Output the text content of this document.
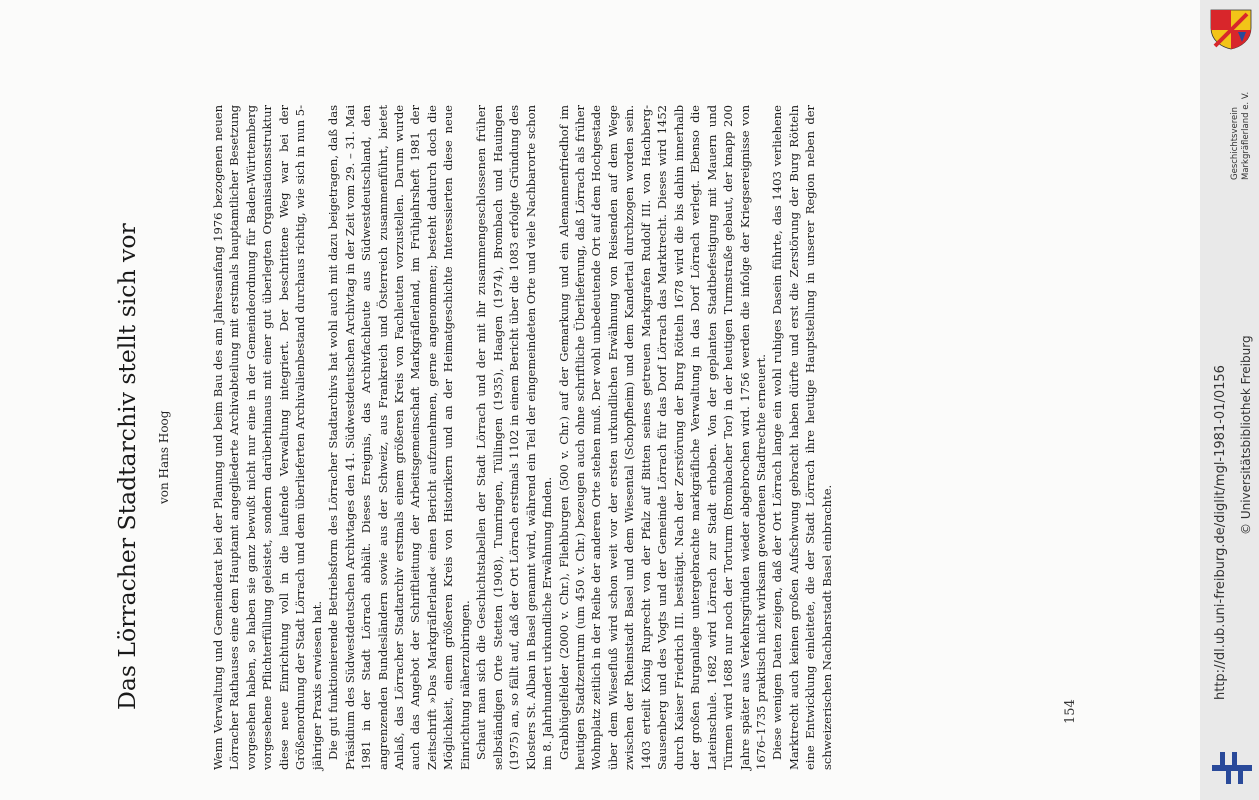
Das Lörracher Stadtarchiv stellt sich vor von Hans Hoog	Wenn Verwaltung und Gemeinderat bei der Planung und beim Bau des am Jahresanfang 1976 bezogenen neuen Lörracher Rathauses eine dem Hauptamt angegliederte Archivabteilung mit erstmals hauptamtlicher Besetzung vorgesehen haben, so haben sie ganz bewußt nicht nur eine in der Gemeindeordnung für Baden-Württemberg vorgesehene Pflichterfüllung geleistet, sondern darüberhinaus mit einer gut überlegten Organisationsstruktur diese neue Einrichtung voll in die laufende Verwaltung integriert. Der beschrittene Weg war bei der Größenordnung der Stadt Lörrach und dem überlieferten Archivalienbestand durchaus richtig, wie sich in nun 5-jähriger Praxis erwiesen hat. Die gut funktionierende Betriebsform des Lörracher Stadtarchivs hat wohl auch mit dazu beigetragen, daß das Präsidium des Südwestdeutschen Archivtages den 41. Südwestdeutschen Archivtag in der Zeit vom 29. – 31. Mai 1981 in der Stadt Lörrach abhält. Dieses Ereignis, das Archivfachleute aus Südwestdeutschland, den angrenzenden Bundesländern sowie aus der Schweiz, aus Frankreich und Österreich zusammenführt, bietet Anlaß, das Lörracher Stadtarchiv erstmals einem größeren Kreis von Fachleuten vorzustellen. Darum wurde auch das Angebot der Schriftleitung der Arbeitsgemeinschaft Markgräflerland, im Frühjahrsheft 1981 der Zeitschrift »Das Markgräflerland« einen Bericht aufzunehmen, gerne angenommen; besteht dadurch doch die Möglichkeit, einem größeren Kreis von Historikern und an der Heimatgeschichte Interessierten diese neue Einrichtung näherzubringen. Schaut man sich die Geschichtstabellen der Stadt Lörrach und der mit ihr zusammengeschlossenen früher selbständigen Orte Stetten (1908), Tumringen, Tüllingen (1935), Haagen (1974), Brombach und Hauingen (1975) an, so fällt auf, daß der Ort Lörrach erstmals 1102 in einem Bericht über die 1083 erfolgte Gründung des Klosters St. Alban in Basel genannt wird, während ein Teil der eingemeindeten Orte und viele Nachbarorte schon im 8. Jahrhundert urkundliche Erwähnung finden. Grabhügelfelder (2000 v. Chr.), Fliehburgen (500 v. Chr.) auf der Gemarkung und ein Alemannenfriedhof im heutigen Stadtzentrum (um 450 v. Chr.) bezeugen auch ohne schriftliche Überlieferung, daß Lörrach als früher Wohnplatz zeitlich in der Reihe der anderen Orte stehen muß. Der wohl unbedeutende Ort auf dem Hochgestade über dem Wiesefluß wird schon weit vor der ersten urkundlichen Erwähnung von Reisenden auf dem Wege zwischen der Rheinstadt Basel und dem Wiesental (Schopfheim) und dem Kandertal durchzogen worden sein. 1403 erteilt König Ruprecht von der Pfalz auf Bitten seines getreuen Markgrafen Rudolf III. von Hachberg-Sausenberg und des Vogts und der Gemeinde Lörrach für das Dorf Lörrach das Marktrecht. Dieses wird 1452 durch Kaiser Friedrich III. bestätigt. Nach der Zerstörung der Burg Rötteln 1678 wird die bis dahin innerhalb der großen Burganlage untergebrachte markgräfliche Verwaltung in das Dorf Lörrach verlegt. Ebenso die Lateinschule. 1682 wird Lörrach zur Stadt erhoben. Von der geplanten Stadtbefestigung mit Mauern und Türmen wird 1688 nur noch der Torturm (Brombacher Tor) in der heutigen Turmstraße gebaut, der knapp 200 Jahre später aus Verkehrsgründen wieder abgebrochen wird. 1756 werden die infolge der Kriegsereignisse von 1676–1735 praktisch nicht wirksam gewordenen Stadtrechte erneuert. Diese wenigen Daten zeigen, daß der Ort Lörrach lange ein wohl ruhiges Dasein führte, das 1403 verliehene Marktrecht auch keinen großen Aufschwung gebracht haben dürfte und erst die Zerstörung der Burg Rötteln eine Entwicklung einleitete, die der Stadt Lörrach ihre heutige Hauptstellung in unserer Region neben der schweizerischen Nachbarstadt Basel einbrachte.	154
Geschichtsverein Markgräflerland e. V.
http://dl.ub.uni-freiburg.de/diglit/mgl-1981-01/0156 © Universitätsbibliothek Freiburg
